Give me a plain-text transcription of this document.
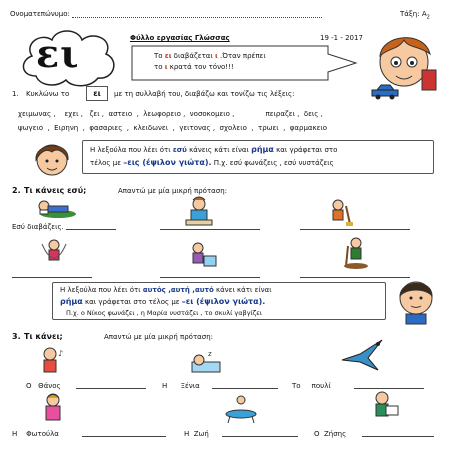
Ονοματεπώνυμο:	Τάξη: $A_2$
ει	Φύλλο εργασίας Γλώσσας	19 -1 - 2017
Το ει διαβάζεται ι .Όταν πρέπει
το ι κρατά τον τόνο!!!
1. Κυκλώνω το	ει	με τη συλλαβή του, διαβάζω και τονίζω τις λέξεις:
χειμωνας ,    εχει ,   ζει ,  αστειο  ,  λεωφορειο ,  νοσοκομειο ,              πειραζει ,  δεις ,
ψωγειο  ,  Ειρηνη  ,  φασαριες  ,  κλειδωνει  ,  γειτονας ,  σχολειο  ,  τρωει  ,  φαρμακειο
Η λεξούλα που λέει ότι εσύ κάνεις κάτι είναι ρήμα και γράφεται στο
τέλος με –εις (έψιλον γιώτα). Π.χ. εσύ φωνάζεις , εσύ νυστάζεις
2. Τι κάνεις εσύ;	Απαντώ με μία μικρή πρόταση:
Εσύ διαβάζεις.
Η λεξούλα που λέει ότι αυτός ,αυτή ,αυτό κάνει κάτι είναι
ρήμα και γράφεται στο τέλος με –ει (έψιλον γιώτα).
Π.χ. ο Νίκος φωνάζει , η Μαρία νυστάζει , το σκυλί γαβγίζει
3. Τι κάνει;	Απαντώ με μία μικρή πρόταση:
♪	z
Ο   Θάνος	Η      Ξένια	Το     πουλί
Η    Φωτούλα	Η  Ζωή	Ο  Ζήσης
